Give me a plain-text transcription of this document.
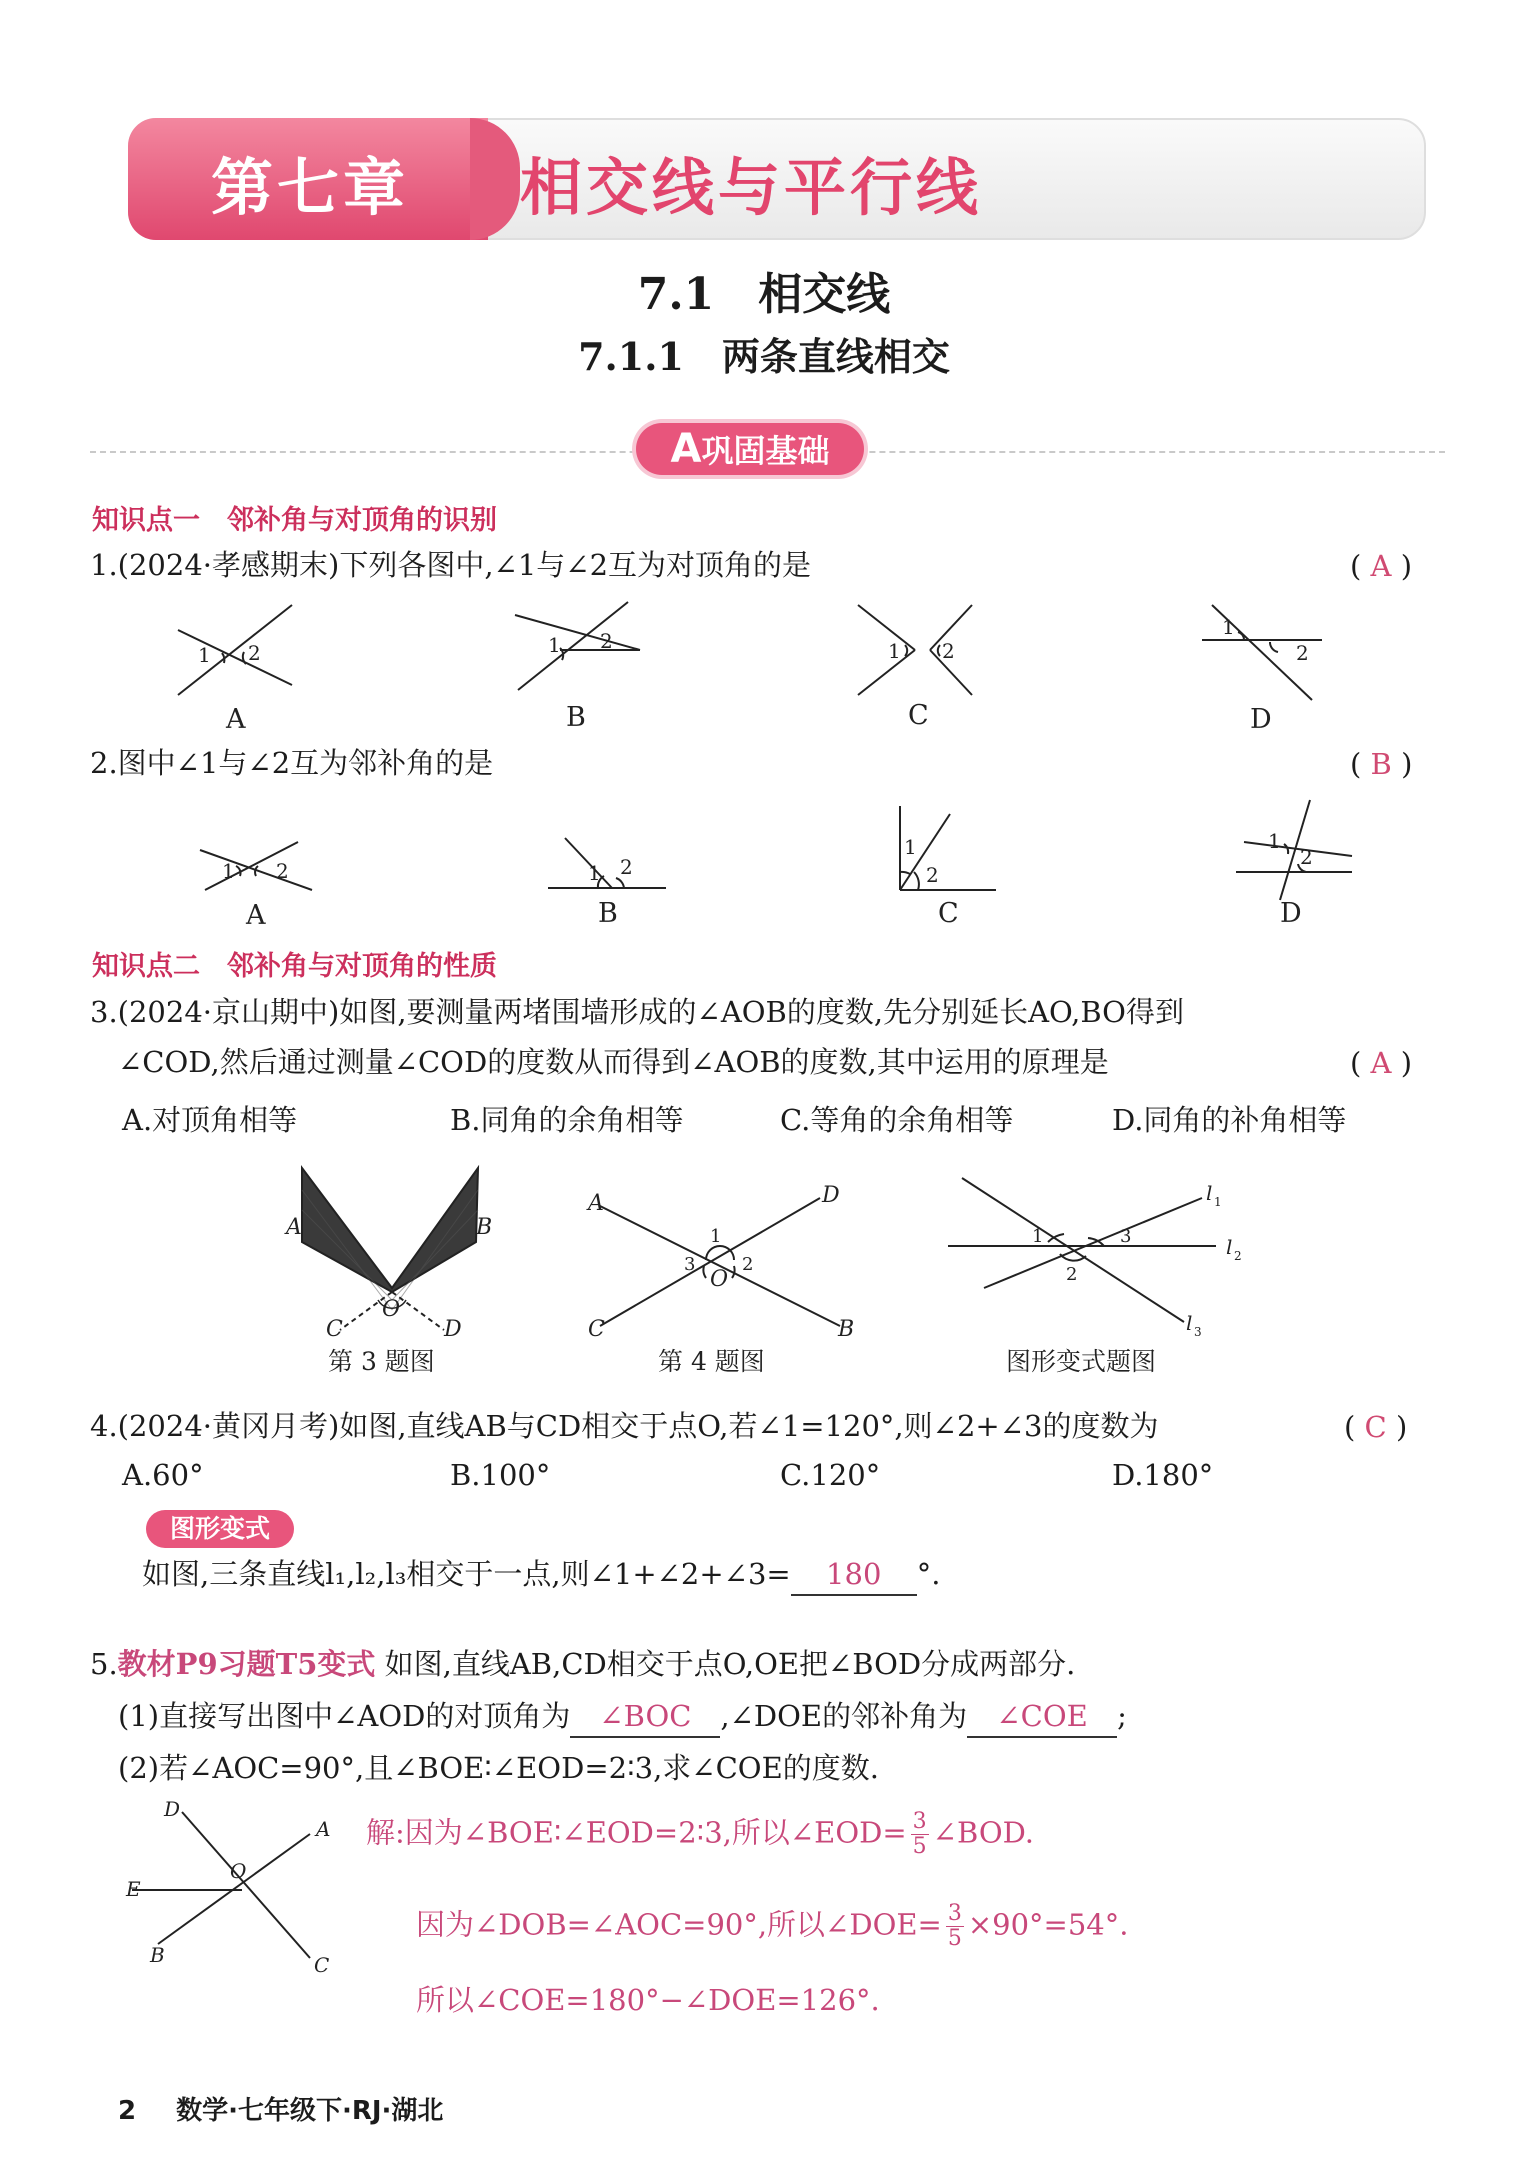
第七章	相交线与平行线
7.1　相交线
7.1.1　两条直线相交
A巩固基础
知识点一　邻补角与对顶角的识别
1.(2024·孝感期末)下列各图中,∠1与∠2互为对顶角的是	( A )
1 2	1 2	1 2
1
2
A	B	C	D
2.图中∠1与∠2互为邻补角的是	( B )
1 2	1 2
1
2
1
2
A	B	C	D
知识点二　邻补角与对顶角的性质
3.(2024·京山期中)如图,要测量两堵围墙形成的∠AOB的度数,先分别延长AO,BO得到
∠COD,然后通过测量∠COD的度数从而得到∠AOB的度数,其中运用的原理是	( A )
A.对顶角相等	B.同角的余角相等	C.等角的余角相等	D.同角的补角相等
A	B
C	D
O
第 3 题图
A	D
C	B
O
1
2
3
第 4 题图
l 1
l 2
l 3
1	3
2
图形变式题图
4.(2024·黄冈月考)如图,直线AB与CD相交于点O,若∠1=120°,则∠2+∠3的度数为	( C )
A.60°	B.100°	C.120°	D.180°
图形变式
如图,三条直线l₁,l₂,l₃相交于一点,则∠1+∠2+∠3= 180 °.
5.教材P9习题T5变式 如图,直线AB,CD相交于点O,OE把∠BOD分成两部分.
(1)直接写出图中∠AOD的对顶角为 ∠BOC ,∠DOE的邻补角为 ∠COE ;
(2)若∠AOC=90°,且∠BOE∶∠EOD=2∶3,求∠COE的度数.
D
A
E
B	C
O
解:因为∠BOE∶∠EOD=2∶3,所以∠EOD= $\frac{3}{5}$ ∠BOD.
因为∠DOB=∠AOC=90°,所以∠DOE= $\frac{3}{5} \times 90^\circ=54^\circ$.
所以∠COE=180°−∠DOE=126°.
2 数学·七年级下·RJ·湖北
